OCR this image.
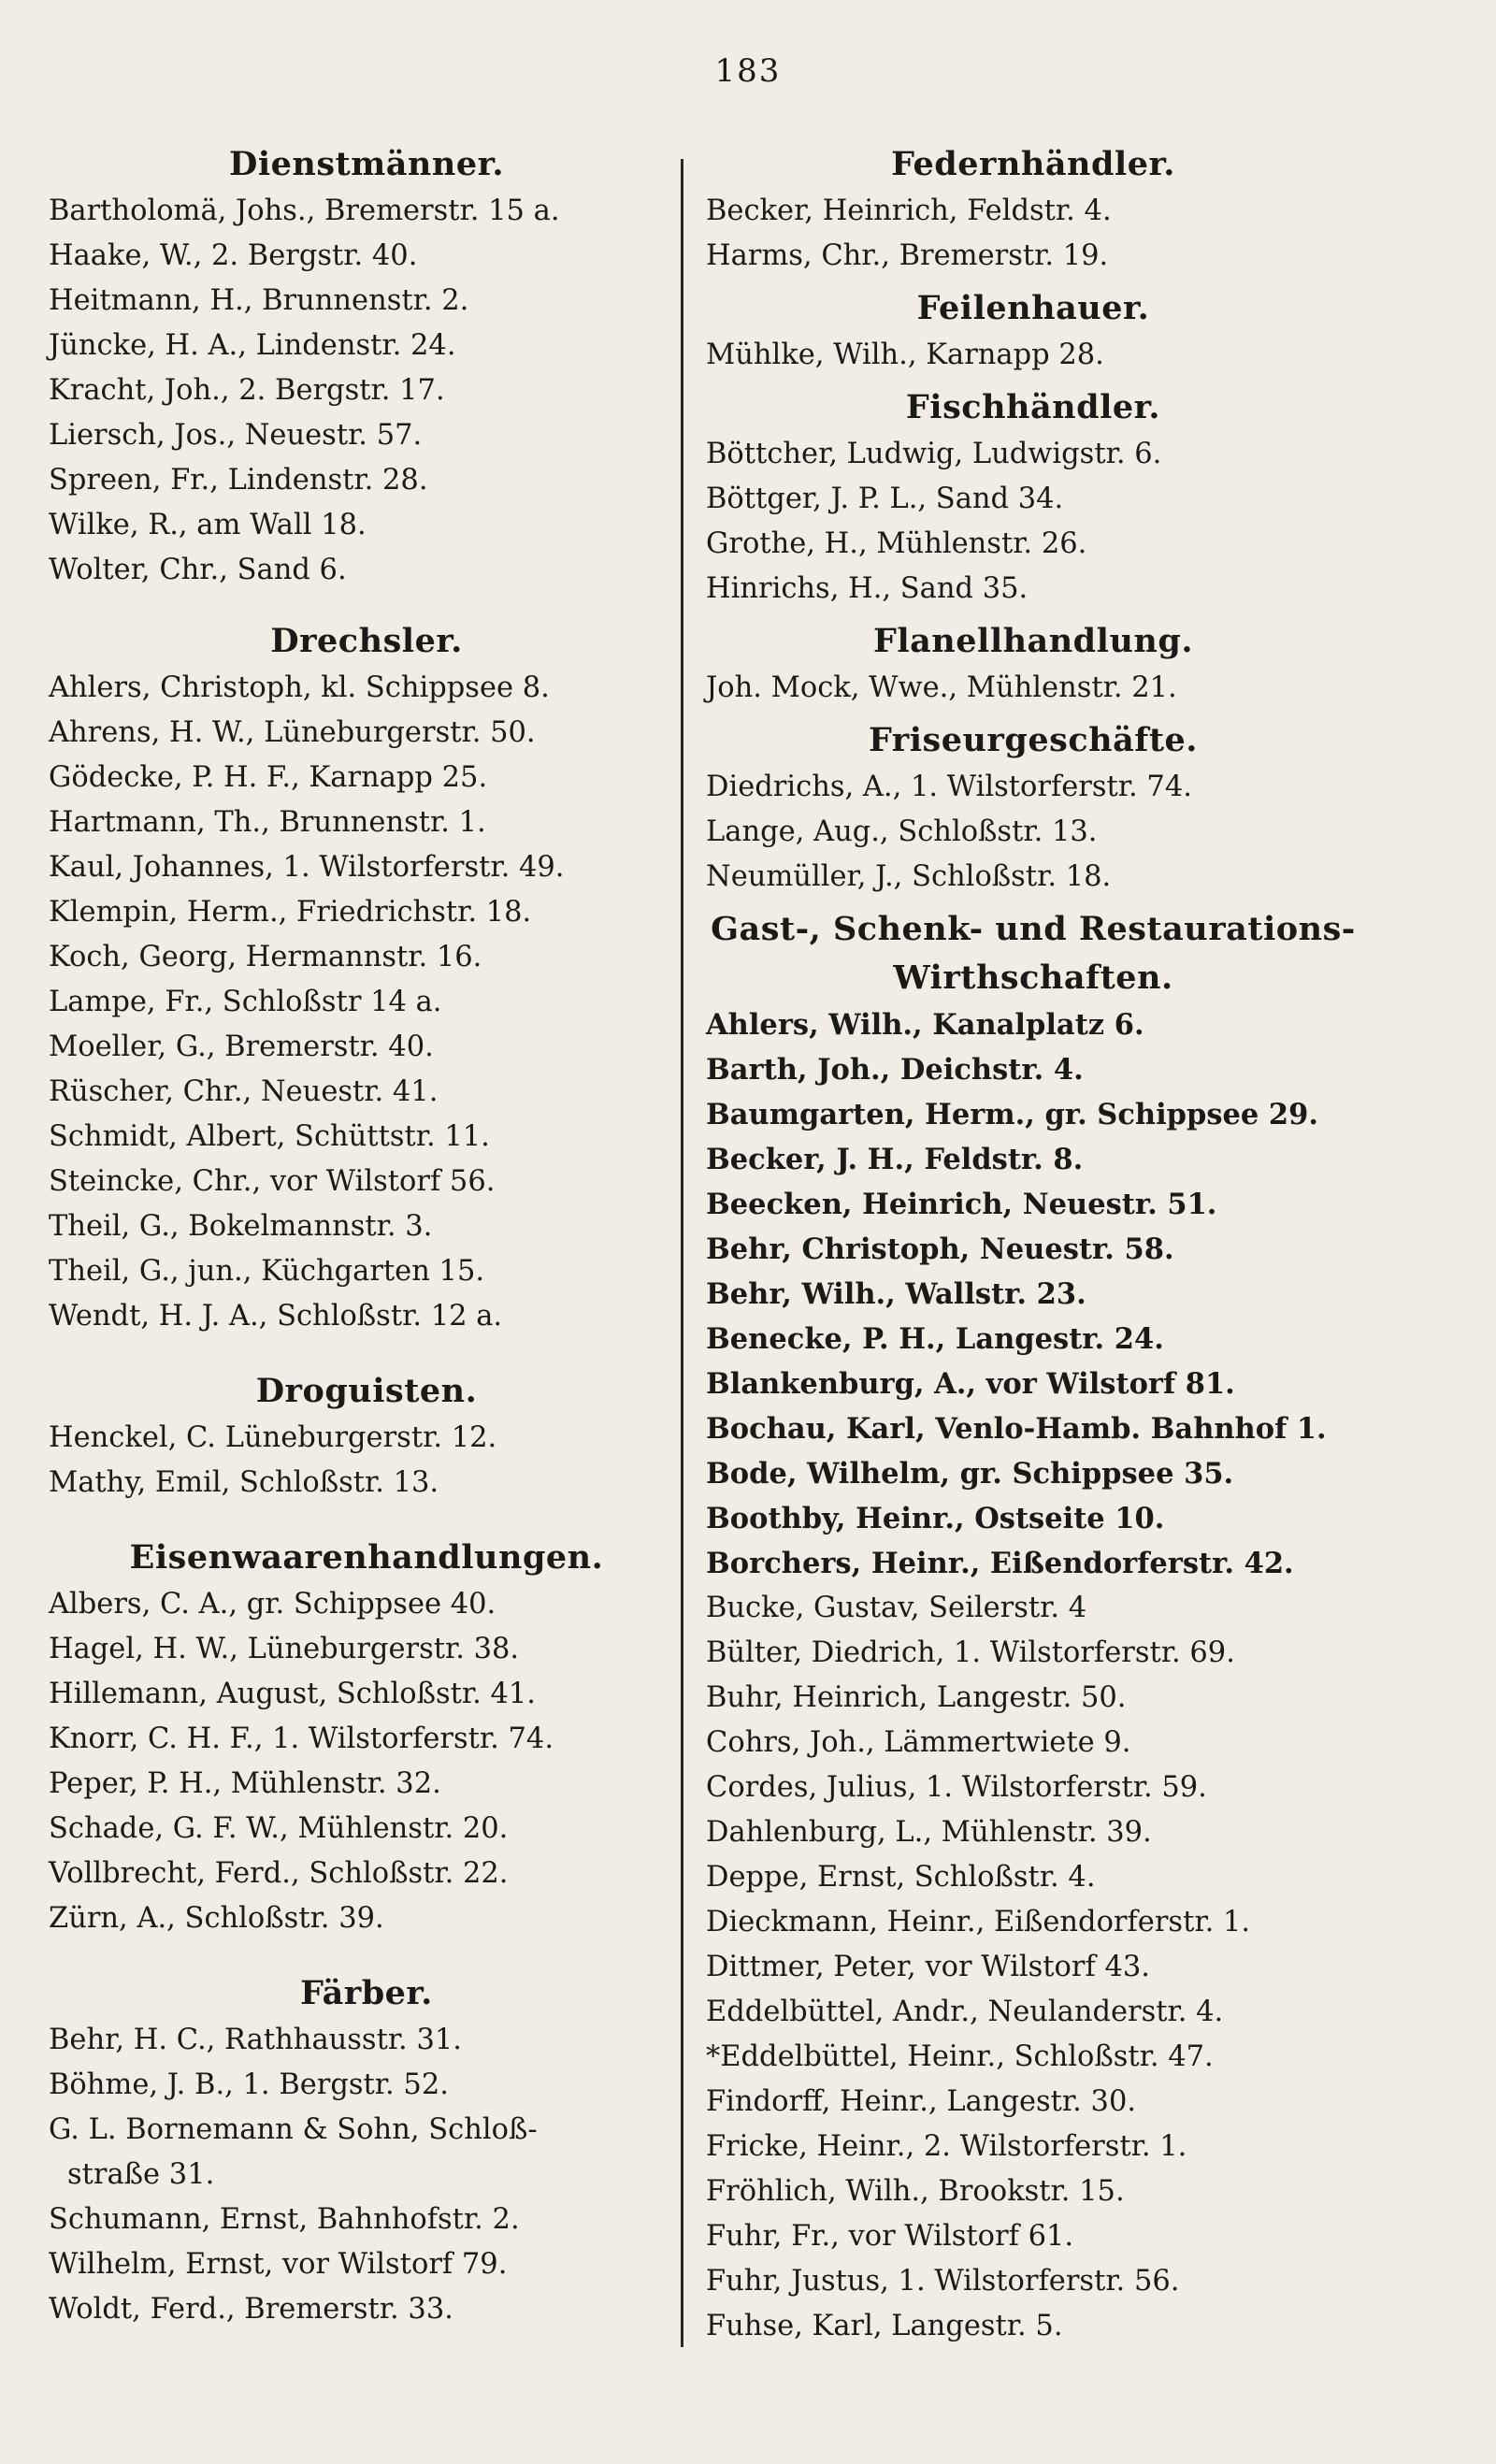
183
Dienstmänner.
Bartholomä, Johs., Bremerstr. 15 a.
Haake, W., 2. Bergstr. 40.
Heitmann, H., Brunnenstr. 2.
Jüncke, H. A., Lindenstr. 24.
Kracht, Joh., 2. Bergstr. 17.
Liersch, Jos., Neuestr. 57.
Spreen, Fr., Lindenstr. 28.
Wilke, R., am Wall 18.
Wolter, Chr., Sand 6.
Drechsler.
Ahlers, Christoph, kl. Schippsee 8.
Ahrens, H. W., Lüneburgerstr. 50.
Gödecke, P. H. F., Karnapp 25.
Hartmann, Th., Brunnenstr. 1.
Kaul, Johannes, 1. Wilstorferstr. 49.
Klempin, Herm., Friedrichstr. 18.
Koch, Georg, Hermannstr. 16.
Lampe, Fr., Schloßstr 14 a.
Moeller, G., Bremerstr. 40.
Rüscher, Chr., Neuestr. 41.
Schmidt, Albert, Schüttstr. 11.
Steincke, Chr., vor Wilstorf 56.
Theil, G., Bokelmannstr. 3.
Theil, G., jun., Küchgarten 15.
Wendt, H. J. A., Schloßstr. 12 a.
Droguisten.
Henckel, C. Lüneburgerstr. 12.
Mathy, Emil, Schloßstr. 13.
Eisenwaarenhandlungen.
Albers, C. A., gr. Schippsee 40.
Hagel, H. W., Lüneburgerstr. 38.
Hillemann, August, Schloßstr. 41.
Knorr, C. H. F., 1. Wilstorferstr. 74.
Peper, P. H., Mühlenstr. 32.
Schade, G. F. W., Mühlenstr. 20.
Vollbrecht, Ferd., Schloßstr. 22.
Zürn, A., Schloßstr. 39.
Färber.
Behr, H. C., Rathhausstr. 31.
Böhme, J. B., 1. Bergstr. 52.
G. L. Bornemann & Sohn, Schloß-
straße 31.
Schumann, Ernst, Bahnhofstr. 2.
Wilhelm, Ernst, vor Wilstorf 79.
Woldt, Ferd., Bremerstr. 33.
Federnhändler.
Becker, Heinrich, Feldstr. 4.
Harms, Chr., Bremerstr. 19.
Feilenhauer.
Mühlke, Wilh., Karnapp 28.
Fischhändler.
Böttcher, Ludwig, Ludwigstr. 6.
Böttger, J. P. L., Sand 34.
Grothe, H., Mühlenstr. 26.
Hinrichs, H., Sand 35.
Flanellhandlung.
Joh. Mock, Wwe., Mühlenstr. 21.
Friseurgeschäfte.
Diedrichs, A., 1. Wilstorferstr. 74.
Lange, Aug., Schloßstr. 13.
Neumüller, J., Schloßstr. 18.
Gast-, Schenk- und Restaurations-
Wirthschaften.
Ahlers, Wilh., Kanalplatz 6.
Barth, Joh., Deichstr. 4.
Baumgarten, Herm., gr. Schippsee 29.
Becker, J. H., Feldstr. 8.
Beecken, Heinrich, Neuestr. 51.
Behr, Christoph, Neuestr. 58.
Behr, Wilh., Wallstr. 23.
Benecke, P. H., Langestr. 24.
Blankenburg, A., vor Wilstorf 81.
Bochau, Karl, Venlo-Hamb. Bahnhof 1.
Bode, Wilhelm, gr. Schippsee 35.
Boothby, Heinr., Ostseite 10.
Borchers, Heinr., Eißendorferstr. 42.
Bucke, Gustav, Seilerstr. 4
Bülter, Diedrich, 1. Wilstorferstr. 69.
Buhr, Heinrich, Langestr. 50.
Cohrs, Joh., Lämmertwiete 9.
Cordes, Julius, 1. Wilstorferstr. 59.
Dahlenburg, L., Mühlenstr. 39.
Deppe, Ernst, Schloßstr. 4.
Dieckmann, Heinr., Eißendorferstr. 1.
Dittmer, Peter, vor Wilstorf 43.
Eddelbüttel, Andr., Neulanderstr. 4.
*Eddelbüttel, Heinr., Schloßstr. 47.
Findorff, Heinr., Langestr. 30.
Fricke, Heinr., 2. Wilstorferstr. 1.
Fröhlich, Wilh., Brookstr. 15.
Fuhr, Fr., vor Wilstorf 61.
Fuhr, Justus, 1. Wilstorferstr. 56.
Fuhse, Karl, Langestr. 5.
